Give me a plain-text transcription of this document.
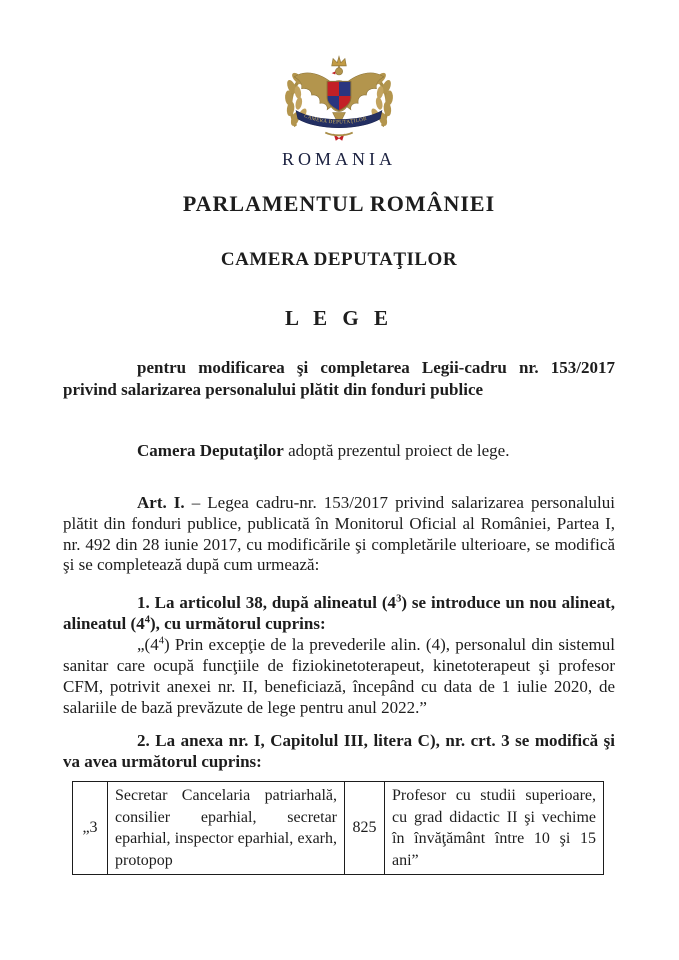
CAMERA DEPUTAŢILOR
ROMANIA
PARLAMENTUL ROMÂNIEI
CAMERA DEPUTAŢILOR
L E G E

pentru modificarea şi completarea Legii-cadru nr. 153/2017 privind salarizarea personalului plătit din fonduri publice

Camera Deputaţilor adoptă prezentul proiect de lege.

Art. I. – Legea cadru-nr. 153/2017 privind salarizarea personalului plătit din fonduri publice, publicată în Monitorul Oficial al României, Partea I, nr. 492 din 28 iunie 2017, cu modificările şi completările ulterioare, se modifică şi se completează după cum urmează:

1. La articolul 38, după alineatul $(4^3)$ se introduce un nou alineat, alineatul $(4^4)$, cu următorul cuprins:

$„(4^4)$ Prin excepţie de la prevederile alin. (4), personalul din sistemul sanitar care ocupă funcţiile de fiziokinetoterapeut, kinetoterapeut şi profesor CFM, potrivit anexei nr. II, beneficiază, începând cu data de 1 iulie 2020, de salariile de bază prevăzute de lege pentru anul 2022.”

2. La anexa nr. I, Capitolul III, litera C), nr. crt. 3 se modifică şi va avea următorul cuprins:

„3	Secretar Cancelaria patriarhală, consilier eparhial, secretar eparhial, inspector eparhial, exarh, protopop	825	Profesor cu studii superioare, cu grad didactic II şi vechime în învăţământ între 10 şi 15 ani”
